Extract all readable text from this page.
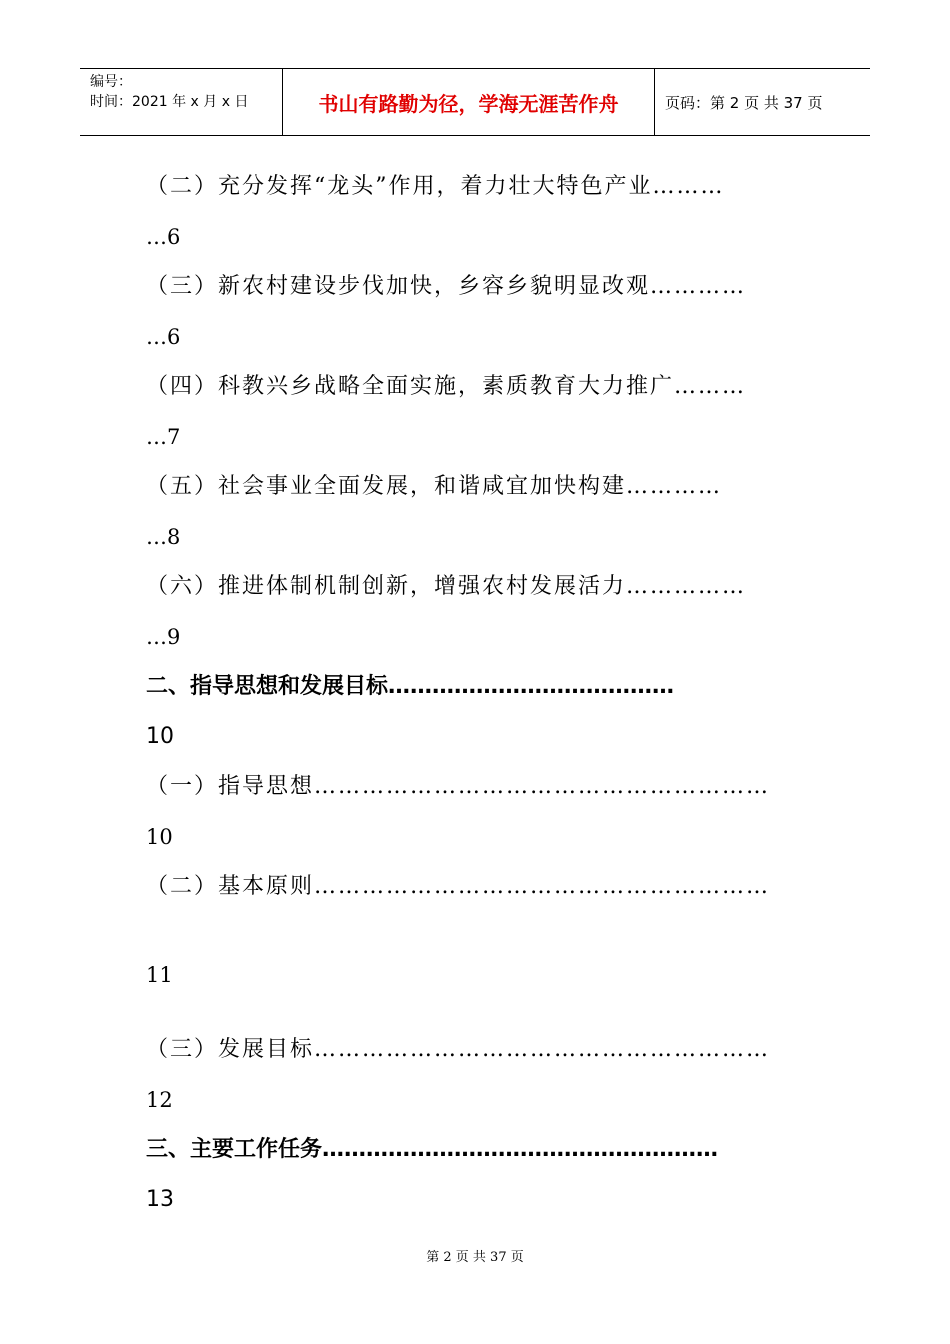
编号：
时间：2021 年 x 月 x 日	书山有路勤为径，学海无涯苦作舟	页码：第 2 页 共 37 页
（二）充分发挥“龙头”作用，着力壮大特色产业………
…6
（三）新农村建设步伐加快，乡容乡貌明显改观…………
…6
（四）科教兴乡战略全面实施，素质教育大力推广………
…7
（五）社会事业全面发展，和谐咸宜加快构建…………
…8
（六）推进体制机制创新，增强农村发展活力……………
…9
二、指导思想和发展目标…………………………………
10
（一）指导思想…………………………………………………
10
（二）基本原则…………………………………………………
11
（三）发展目标…………………………………………………
12
三、主要工作任务………………………………………………
13
第 2 页 共 37 页
